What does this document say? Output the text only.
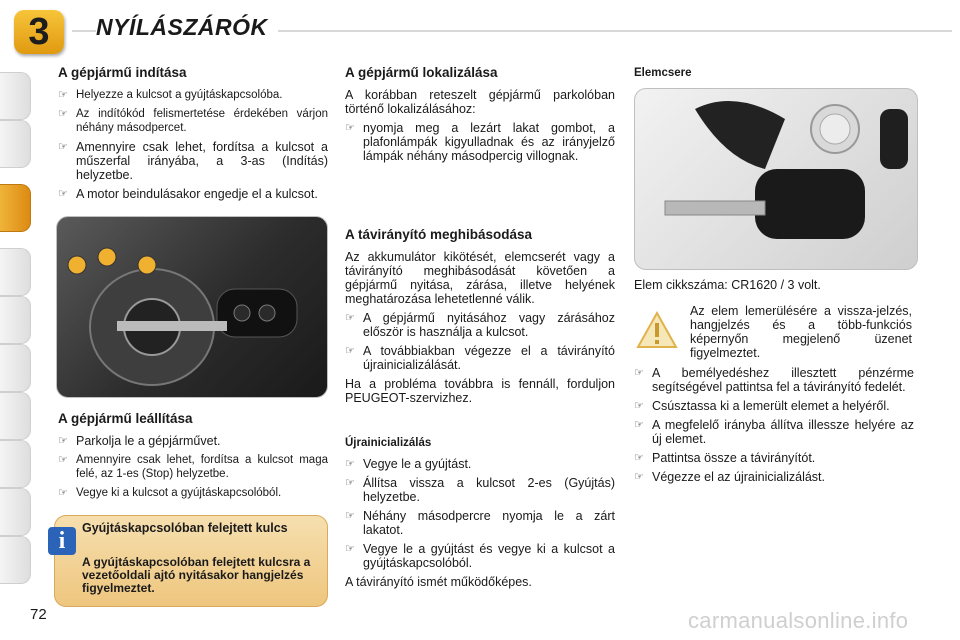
3	NYÍLÁSZÁRÓK
A gépjármű indítása
☞ Helyezze a kulcsot a gyújtáskapcsolóba.
☞ Az indítókód felismertetése érdekében várjon néhány másodpercet.
☞ Amennyire csak lehet, fordítsa a kulcsot a műszerfal irányába, a 3-as (Indítás) helyzetbe.
☞ A motor beindulásakor engedje el a kulcsot.
A gépjármű leállítása
☞ Parkolja le a gépjárművet.
☞ Amennyire csak lehet, fordítsa a kulcsot maga felé, az 1-es (Stop) helyzetbe.
☞ Vegye ki a kulcsot a gyújtáskapcsolóból.
i	Gyújtáskapcsolóban felejtett kulcs
A gyújtáskapcsolóban felejtett kulcsra a vezetőoldali ajtó nyitásakor hangjelzés figyelmeztet.
72
A gépjármű lokalizálása

A korábban reteszelt gépjármű parkolóban történő lokalizálásához:

☞ nyomja meg a lezárt lakat gombot, a plafonlámpák kigyulladnak és az irányjelző lámpák néhány másodpercig villognak.
A távirányító meghibásodása

Az akkumulátor kikötését, elemcserét vagy a távirányító meghibásodását követően a gépjármű nyitása, zárása, illetve helyének meghatározása lehetetlenné válik.

☞ A gépjármű nyitásához vagy zárásához először is használja a kulcsot.
☞ A továbbiakban végezze el a távirányító újrainicializálását.

Ha a probléma továbbra is fennáll, forduljon PEUGEOT-szervizhez.

Újrainicializálás
☞ Vegye le a gyújtást.
☞ Állítsa vissza a kulcsot 2-es (Gyújtás) helyzetbe.
☞ Néhány másodpercre nyomja le a zárt lakatot.
☞ Vegye le a gyújtást és vegye ki a kulcsot a gyújtáskapcsolóból.

A távirányító ismét működőképes.

Elemcsere

Elem cikkszáma: CR1620 / 3 volt.

Az elem lemerülésére a vissza-jelzés, hangjelzés és a több-funkciós képernyőn megjelenő üzenet figyelmeztet.

☞ A bemélyedéshez illesztett pénzérme segítségével pattintsa fel a távirányító fedelét.
☞ Csúsztassa ki a lemerült elemet a helyéről.
☞ A megfelelő irányba állítva illessze helyére az új elemet.
☞ Pattintsa össze a távirányítót.
☞ Végezze el az újrainicializálást.
carmanualsonline.info
